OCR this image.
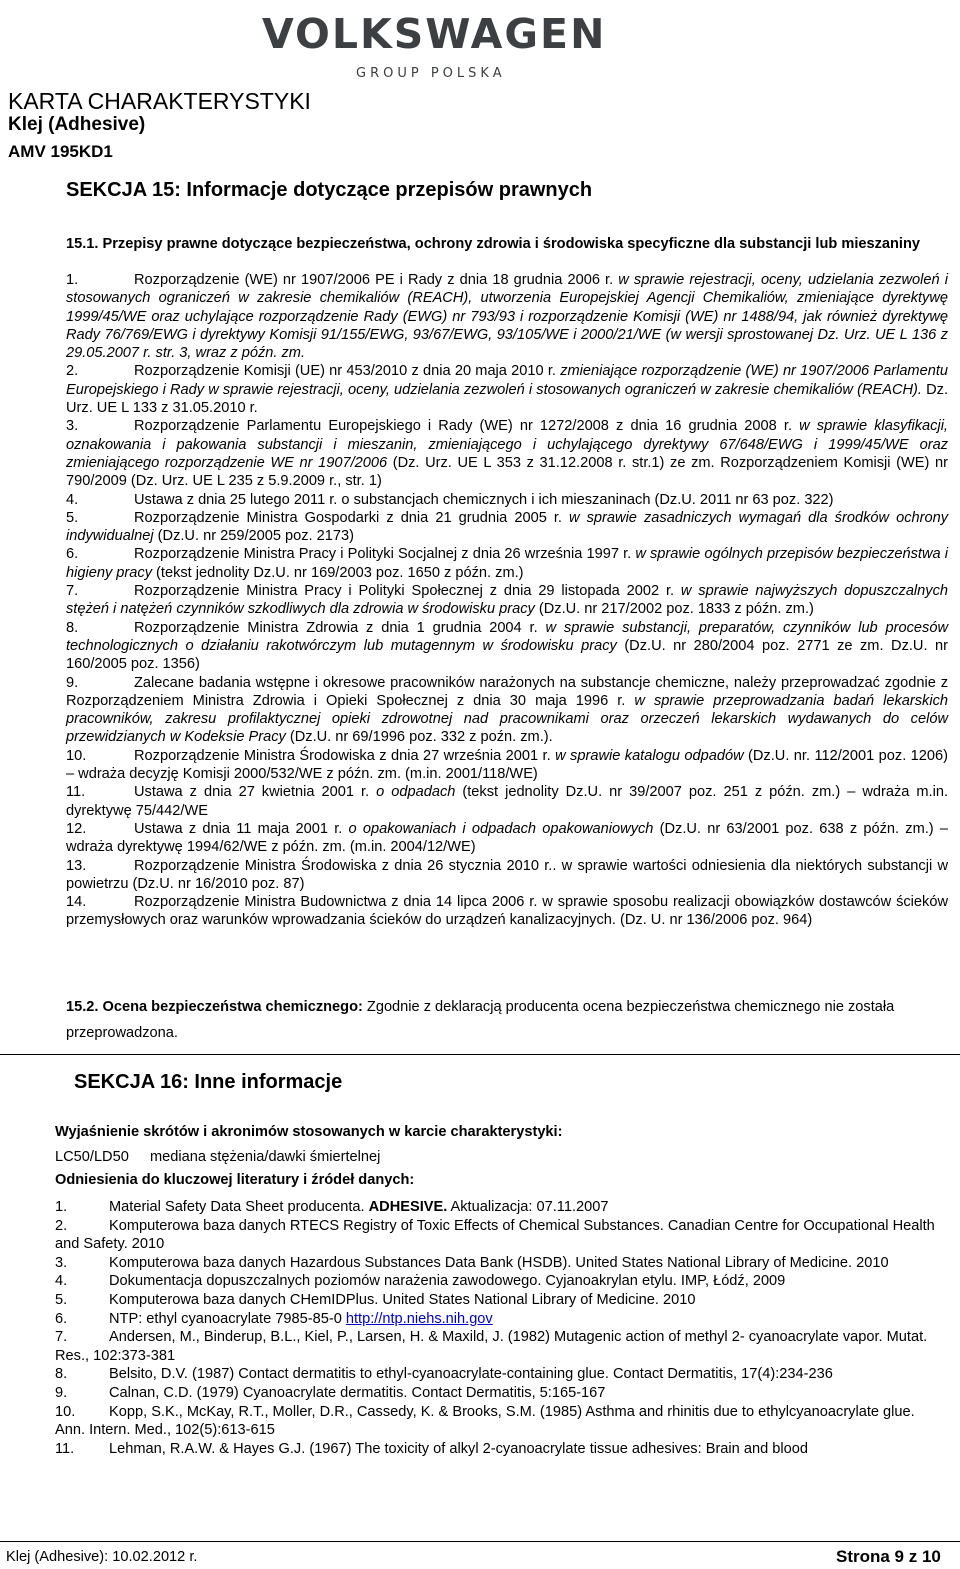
VOLKSWAGEN
GROUP POLSKA
KARTA CHARAKTERYSTYKI
Klej (Adhesive)
AMV 195KD1
SEKCJA 15: Informacje dotyczące przepisów prawnych
15.1. Przepisy prawne dotyczące bezpieczeństwa, ochrony zdrowia i środowiska specyficzne dla substancji lub mieszaniny

1.	Rozporządzenie (WE) nr 1907/2006 PE i Rady z dnia 18 grudnia 2006 r. w sprawie rejestracji, oceny, udzielania zezwoleń i stosowanych ograniczeń w zakresie chemikaliów (REACH), utworzenia Europejskiej Agencji Chemikaliów, zmieniające dyrektywę 1999/45/WE oraz uchylające rozporządzenie Rady (EWG) nr 793/93 i rozporządzenie Komisji (WE) nr 1488/94, jak również dyrektywę Rady 76/769/EWG i dyrektywy Komisji 91/155/EWG, 93/67/EWG, 93/105/WE i 2000/21/WE (w wersji sprostowanej Dz. Urz. UE L 136 z 29.05.2007 r. str. 3, wraz z późn. zm.

2.	Rozporządzenie Komisji (UE) nr 453/2010 z dnia 20 maja 2010 r. zmieniające rozporządzenie (WE) nr 1907/2006 Parlamentu Europejskiego i Rady w sprawie rejestracji, oceny, udzielania zezwoleń i stosowanych ograniczeń w zakresie chemikaliów (REACH). Dz. Urz. UE L 133 z 31.05.2010 r.

3.	Rozporządzenie Parlamentu Europejskiego i Rady (WE) nr 1272/2008 z dnia 16 grudnia 2008 r. w sprawie klasyfikacji, oznakowania i pakowania substancji i mieszanin, zmieniającego i uchylającego dyrektywy 67/648/EWG i 1999/45/WE oraz zmieniającego rozporządzenie WE nr 1907/2006 (Dz. Urz. UE L 353 z 31.12.2008 r. str.1) ze zm. Rozporządzeniem Komisji (WE) nr 790/2009 (Dz. Urz. UE L 235 z 5.9.2009 r., str. 1)

4.	Ustawa z dnia 25 lutego 2011 r. o substancjach chemicznych i ich mieszaninach (Dz.U. 2011 nr 63 poz. 322)

5.	Rozporządzenie Ministra Gospodarki z dnia 21 grudnia 2005 r. w sprawie zasadniczych wymagań dla środków ochrony indywidualnej (Dz.U. nr 259/2005 poz. 2173)

6.	Rozporządzenie Ministra Pracy i Polityki Socjalnej z dnia 26 września 1997 r. w sprawie ogólnych przepisów bezpieczeństwa i higieny pracy (tekst jednolity Dz.U. nr 169/2003 poz. 1650 z późn. zm.)

7.	Rozporządzenie Ministra Pracy i Polityki Społecznej z dnia 29 listopada 2002 r. w sprawie najwyższych dopuszczalnych stężeń i natężeń czynników szkodliwych dla zdrowia w środowisku pracy (Dz.U. nr 217/2002 poz. 1833 z późn. zm.)

8.	Rozporządzenie Ministra Zdrowia z dnia 1 grudnia 2004 r. w sprawie substancji, preparatów, czynników lub procesów technologicznych o działaniu rakotwórczym lub mutagennym w środowisku pracy (Dz.U. nr 280/2004 poz. 2771 ze zm. Dz.U. nr 160/2005 poz. 1356)

9.	Zalecane badania wstępne i okresowe pracowników narażonych na substancje chemiczne, należy przeprowadzać zgodnie z Rozporządzeniem Ministra Zdrowia i Opieki Społecznej z dnia 30 maja 1996 r. w sprawie przeprowadzania badań lekarskich pracowników, zakresu profilaktycznej opieki zdrowotnej nad pracownikami oraz orzeczeń lekarskich wydawanych do celów przewidzianych w Kodeksie Pracy (Dz.U. nr 69/1996 poz. 332 z poźn. zm.).

10.	Rozporządzenie Ministra Środowiska z dnia 27 września 2001 r. w sprawie katalogu odpadów (Dz.U. nr. 112/2001 poz. 1206) – wdraża decyzję Komisji 2000/532/WE z późn. zm. (m.in. 2001/118/WE)

11.	Ustawa z dnia 27 kwietnia 2001 r. o odpadach (tekst jednolity Dz.U. nr 39/2007 poz. 251 z późn. zm.) – wdraża m.in. dyrektywę 75/442/WE

12.	Ustawa z dnia 11 maja 2001 r. o opakowaniach i odpadach opakowaniowych (Dz.U. nr 63/2001 poz. 638 z późn. zm.) – wdraża dyrektywę 1994/62/WE z późn. zm. (m.in. 2004/12/WE)

13.	Rozporządzenie Ministra Środowiska z dnia 26 stycznia 2010 r.. w sprawie wartości odniesienia dla niektórych substancji w powietrzu (Dz.U. nr 16/2010 poz. 87)

14.	Rozporządzenie Ministra Budownictwa z dnia 14 lipca 2006 r. w sprawie sposobu realizacji obowiązków dostawców ścieków przemysłowych oraz warunków wprowadzania ścieków do urządzeń kanalizacyjnych. (Dz. U. nr 136/2006 poz. 964)

15.2. Ocena bezpieczeństwa chemicznego: Zgodnie z deklaracją producenta ocena bezpieczeństwa chemicznego nie została przeprowadzona.
SEKCJA 16: Inne informacje
Wyjaśnienie skrótów i akronimów stosowanych w karcie charakterystyki:
LC50/LD50 mediana stężenia/dawki śmiertelnej
Odniesienia do kluczowej literatury i źródeł danych:

1.	Material Safety Data Sheet producenta. ADHESIVE. Aktualizacja: 07.11.2007

2.	Komputerowa baza danych RTECS Registry of Toxic Effects of Chemical Substances. Canadian Centre for Occupational Health and Safety. 2010

3.	Komputerowa baza danych Hazardous Substances Data Bank (HSDB). United States National Library of Medicine. 2010

4.	Dokumentacja dopuszczalnych poziomów narażenia zawodowego. Cyjanoakrylan etylu. IMP, Łódź, 2009

5.	Komputerowa baza danych CHemIDPlus. United States National Library of Medicine. 2010

6.	NTP: ethyl cyanoacrylate 7985-85-0 http://ntp.niehs.nih.gov

7.	Andersen, M., Binderup, B.L., Kiel, P., Larsen, H. & Maxild, J. (1982) Mutagenic action of methyl 2- cyanoacrylate vapor. Mutat. Res., 102:373-381

8.	Belsito, D.V. (1987) Contact dermatitis to ethyl-cyanoacrylate-containing glue. Contact Dermatitis, 17(4):234-236

9.	Calnan, C.D. (1979) Cyanoacrylate dermatitis. Contact Dermatitis, 5:165-167

10. Kopp, S.K., McKay, R.T., Moller, D.R., Cassedy, K. & Brooks, S.M. (1985) Asthma and rhinitis due to ethylcyanoacrylate glue. Ann. Intern. Med., 102(5):613-615

11. Lehman, R.A.W. & Hayes G.J. (1967) The toxicity of alkyl 2-cyanoacrylate tissue adhesives: Brain and blood

Klej (Adhesive): 10.02.2012 r.	Strona 9 z 10
